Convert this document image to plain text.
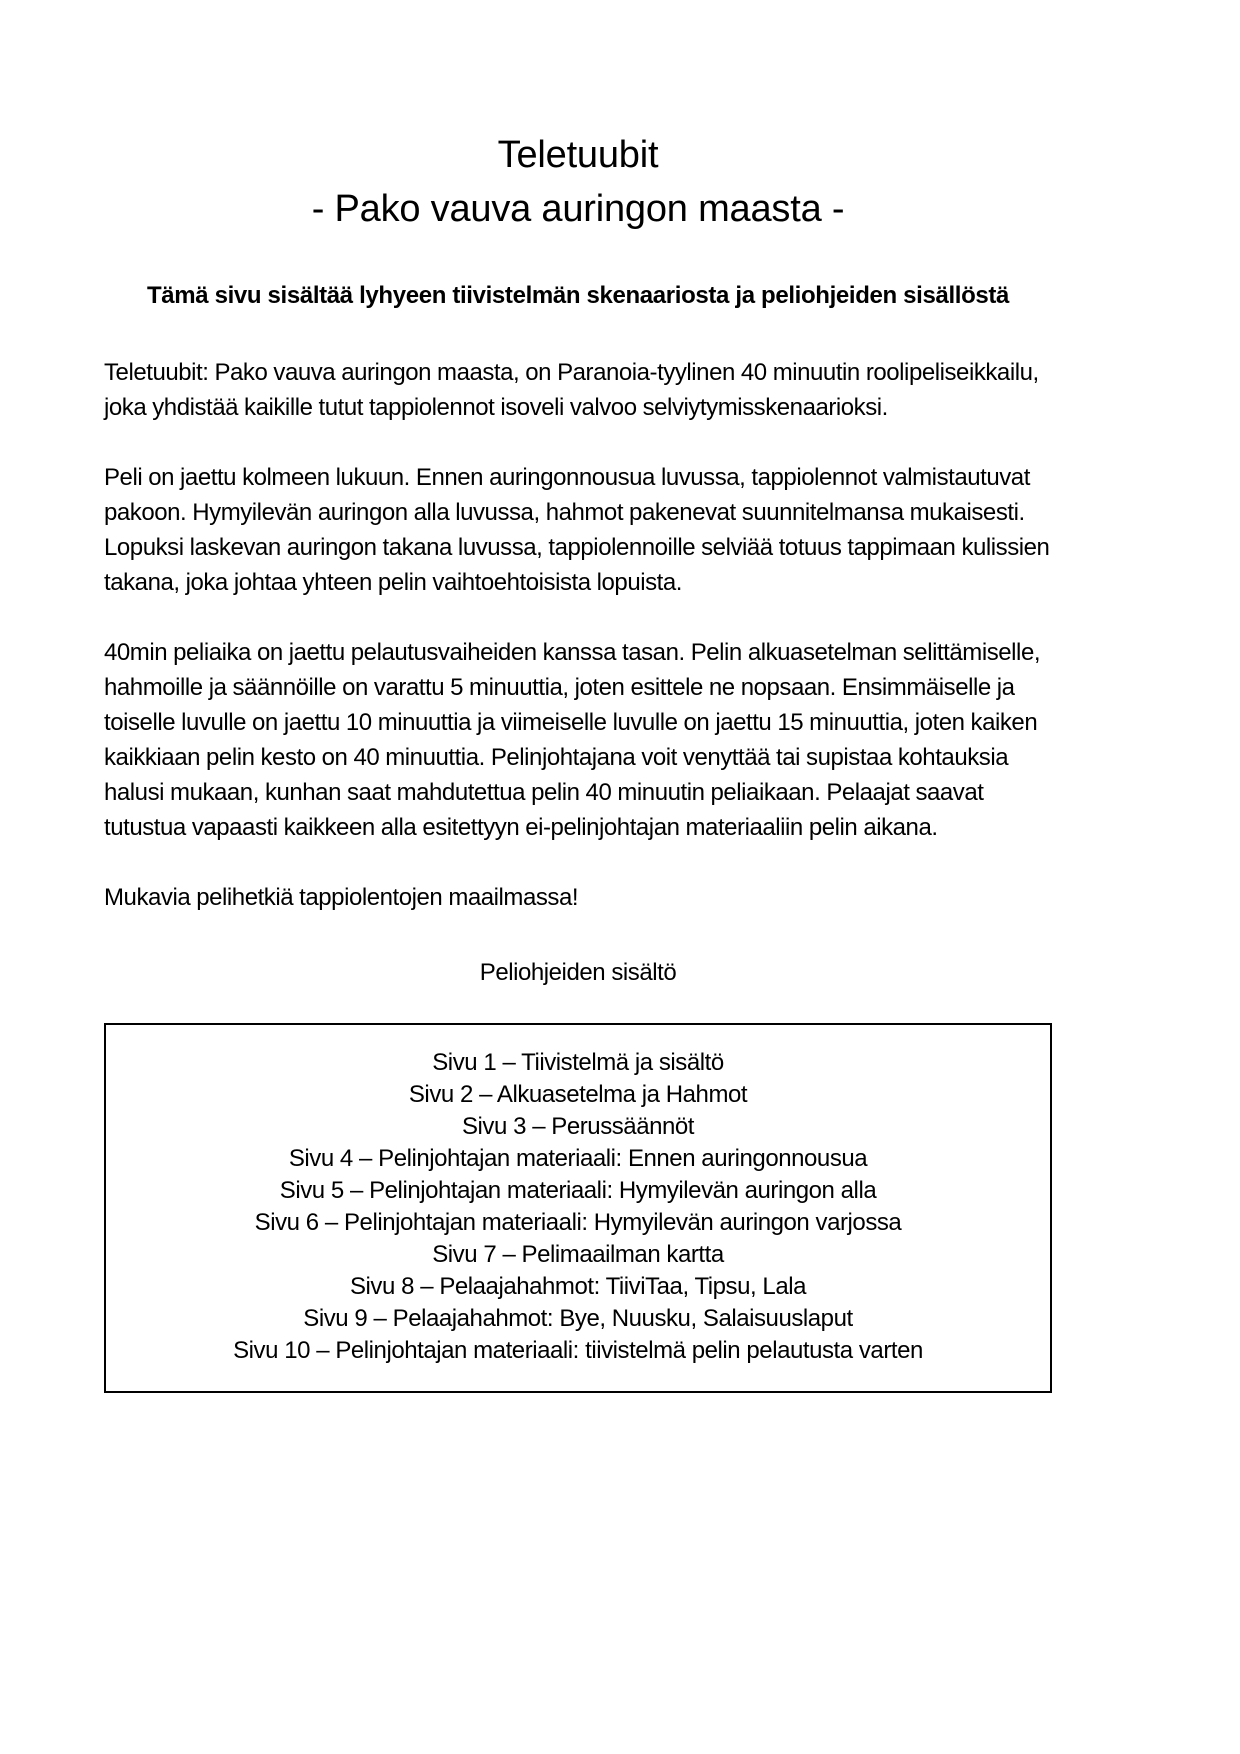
Teletuubit
- Pako vauva auringon maasta -
Tämä sivu sisältää lyhyeen tiivistelmän skenaariosta ja peliohjeiden sisällöstä

Teletuubit: Pako vauva auringon maasta, on Paranoia-tyylinen 40 minuutin roolipeliseikkailu, joka yhdistää kaikille tutut tappiolennot isoveli valvoo selviytymisskenaarioksi.

Peli on jaettu kolmeen lukuun. Ennen auringonnousua luvussa, tappiolennot valmistautuvat pakoon. Hymyilevän auringon alla luvussa, hahmot pakenevat suunnitelmansa mukaisesti. Lopuksi laskevan auringon takana luvussa, tappiolennoille selviää totuus tappimaan kulissien takana, joka johtaa yhteen pelin vaihtoehtoisista lopuista.

40min peliaika on jaettu pelautusvaiheiden kanssa tasan. Pelin alkuasetelman selittämiselle, hahmoille ja säännöille on varattu 5 minuuttia, joten esittele ne nopsaan. Ensimmäiselle ja toiselle luvulle on jaettu 10 minuuttia ja viimeiselle luvulle on jaettu 15 minuuttia, joten kaiken kaikkiaan pelin kesto on 40 minuuttia. Pelinjohtajana voit venyttää tai supistaa kohtauksia halusi mukaan, kunhan saat mahdutettua pelin 40 minuutin peliaikaan. Pelaajat saavat tutustua vapaasti kaikkeen alla esitettyyn ei-pelinjohtajan materiaaliin pelin aikana.

Mukavia pelihetkiä tappiolentojen maailmassa!

Peliohjeiden sisältö
Sivu 1 – Tiivistelmä ja sisältö
Sivu 2 – Alkuasetelma ja Hahmot
Sivu 3 – Perussäännöt
Sivu 4 – Pelinjohtajan materiaali: Ennen auringonnousua
Sivu 5 – Pelinjohtajan materiaali: Hymyilevän auringon alla
Sivu 6 – Pelinjohtajan materiaali: Hymyilevän auringon varjossa
Sivu 7 – Pelimaailman kartta
Sivu 8 – Pelaajahahmot: TiiviTaa, Tipsu, Lala
Sivu 9 – Pelaajahahmot: Bye, Nuusku, Salaisuuslaput
Sivu 10 – Pelinjohtajan materiaali: tiivistelmä pelin pelautusta varten
